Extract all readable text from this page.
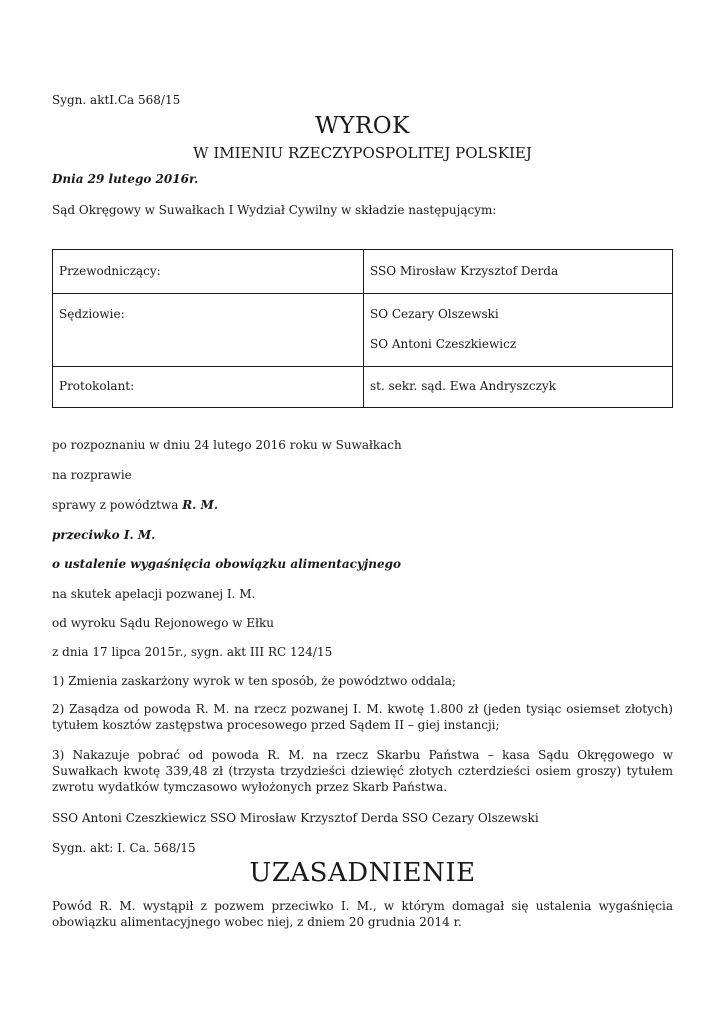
Sygn. aktI.Ca 568/15
WYROK
W IMIENIU RZECZYPOSPOLITEJ POLSKIEJ
Dnia 29 lutego 2016r.
Sąd Okręgowy w Suwałkach I Wydział Cywilny w składzie następującym:
Przewodniczący:	SSO Mirosław Krzysztof Derda

Sędziowie:	SO Cezary Olszewski
SO Antoni Czeszkiewicz

Protokolant:	st. sekr. sąd. Ewa Andryszczyk
po rozpoznaniu w dniu 24 lutego 2016 roku w Suwałkach
na rozprawie
sprawy z powództwa R. M.
przeciwko I. M.
o ustalenie wygaśnięcia obowiązku alimentacyjnego
na skutek apelacji pozwanej I. M.
od wyroku Sądu Rejonowego w Ełku
z dnia 17 lipca 2015r., sygn. akt III RC 124/15
1) Zmienia zaskarżony wyrok w ten sposób, że powództwo oddala;
2) Zasądza od powoda R. M. na rzecz pozwanej I. M. kwotę 1.800 zł (jeden tysiąc osiemset złotych) tytułem kosztów zastępstwa procesowego przed Sądem II – giej instancji;
3) Nakazuje pobrać od powoda R. M. na rzecz Skarbu Państwa – kasa Sądu Okręgowego w Suwałkach kwotę 339,48 zł (trzysta trzydzieści dziewięć złotych czterdzieści osiem groszy) tytułem zwrotu wydatków tymczasowo wyłożonych przez Skarb Państwa.
SSO Antoni Czeszkiewicz SSO Mirosław Krzysztof Derda SSO Cezary Olszewski
Sygn. akt: I. Ca. 568/15
UZASADNIENIE
Powód R. M. wystąpił z pozwem przeciwko I. M., w którym domagał się ustalenia wygaśnięcia obowiązku alimentacyjnego wobec niej, z dniem 20 grudnia 2014 r.
